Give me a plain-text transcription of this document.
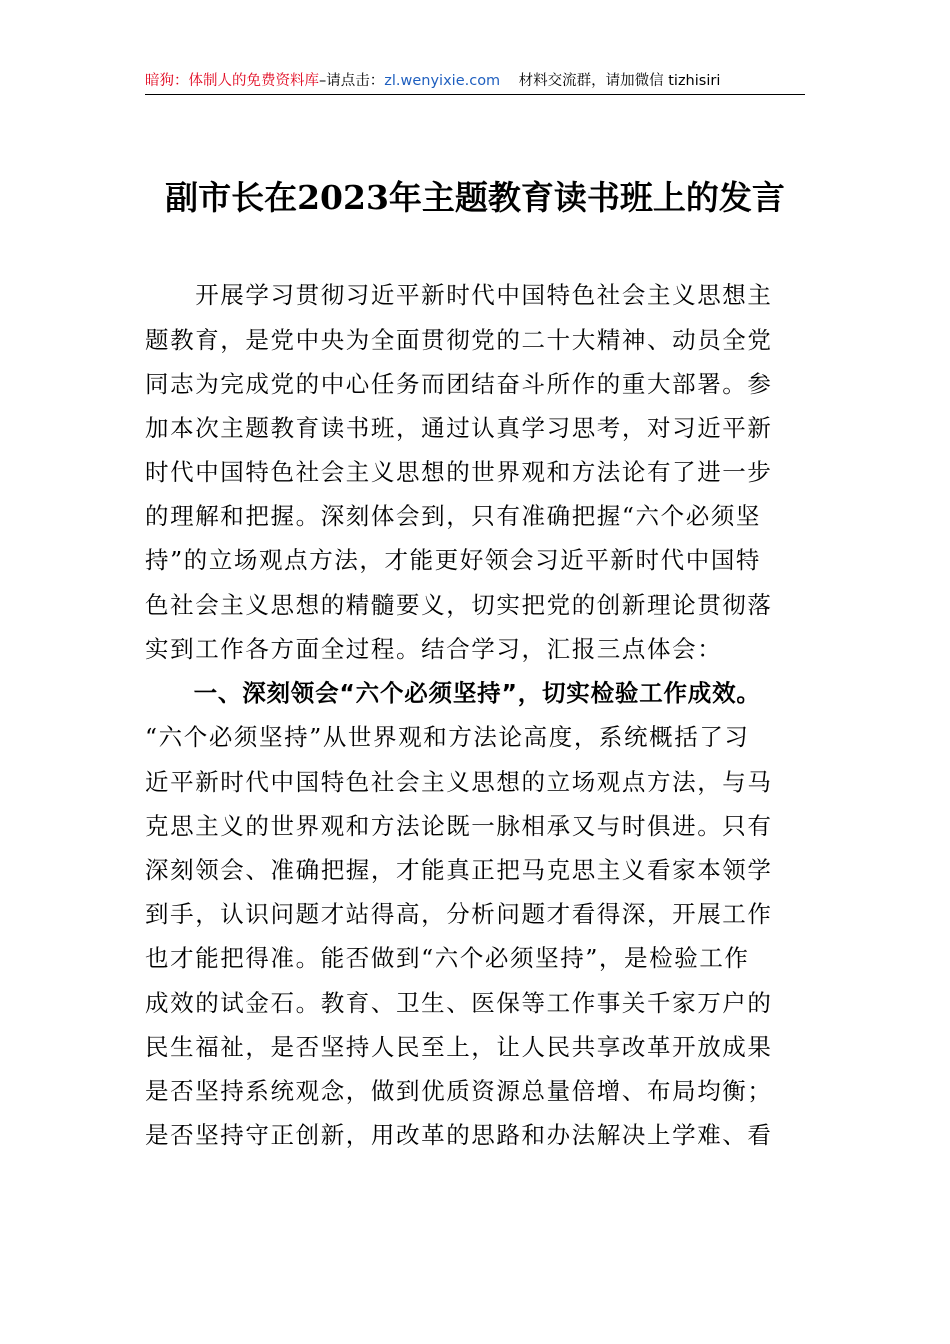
暗狗：体制人的免费资料库–请点击：zl.wenyixie.com 材料交流群，请加微信 tizhisiri
副市长在2023年主题教育读书班上的发言
　　开展学习贯彻习近平新时代中国特色社会主义思想主
题教育，是党中央为全面贯彻党的二十大精神、动员全党
同志为完成党的中心任务而团结奋斗所作的重大部署。参
加本次主题教育读书班，通过认真学习思考，对习近平新
时代中国特色社会主义思想的世界观和方法论有了进一步
的理解和把握。深刻体会到，只有准确把握“六个必须坚
持”的立场观点方法，才能更好领会习近平新时代中国特
色社会主义思想的精髓要义，切实把党的创新理论贯彻落
实到工作各方面全过程。结合学习，汇报三点体会：
　　一、深刻领会“六个必须坚持”，切实检验工作成效。
“六个必须坚持”从世界观和方法论高度，系统概括了习
近平新时代中国特色社会主义思想的立场观点方法，与马
克思主义的世界观和方法论既一脉相承又与时俱进。只有
深刻领会、准确把握，才能真正把马克思主义看家本领学
到手，认识问题才站得高，分析问题才看得深，开展工作
也才能把得准。能否做到“六个必须坚持”，是检验工作
成效的试金石。教育、卫生、医保等工作事关千家万户的
民生福祉，是否坚持人民至上，让人民共享改革开放成果
是否坚持系统观念，做到优质资源总量倍增、布局均衡；
是否坚持守正创新，用改革的思路和办法解决上学难、看
